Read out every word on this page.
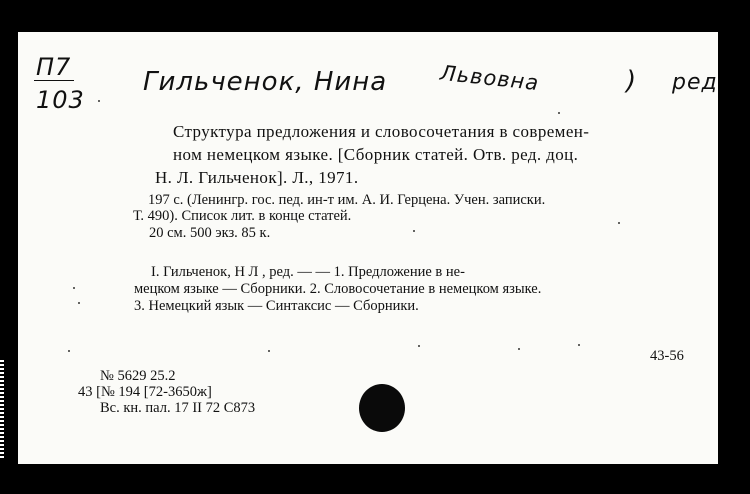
П7
103
Гильченок, Нина Львовна	) ред
Структура предложения и словосочетания в современ-
ном немецком языке. [Сборник статей. Отв. ред. доц.
Н. Л. Гильченок]. Л., 1971.
197 с. (Ленингр. гос. пед. ин-т им. А. И. Герцена. Учен. записки.
Т. 490). Список лит. в конце статей.
20 см. 500 экз. 85 к.
I. Гильченок, Н Л , ред. — — 1. Предложение в не-
мецком языке — Сборники. 2. Словосочетание в немецком языке.
3. Немецкий язык — Синтаксис — Сборники.
43-56
№ 5629 25.2
43 [№ 194 [72-3650ж]
Вс. кн. пал. 17 II 72 С873
